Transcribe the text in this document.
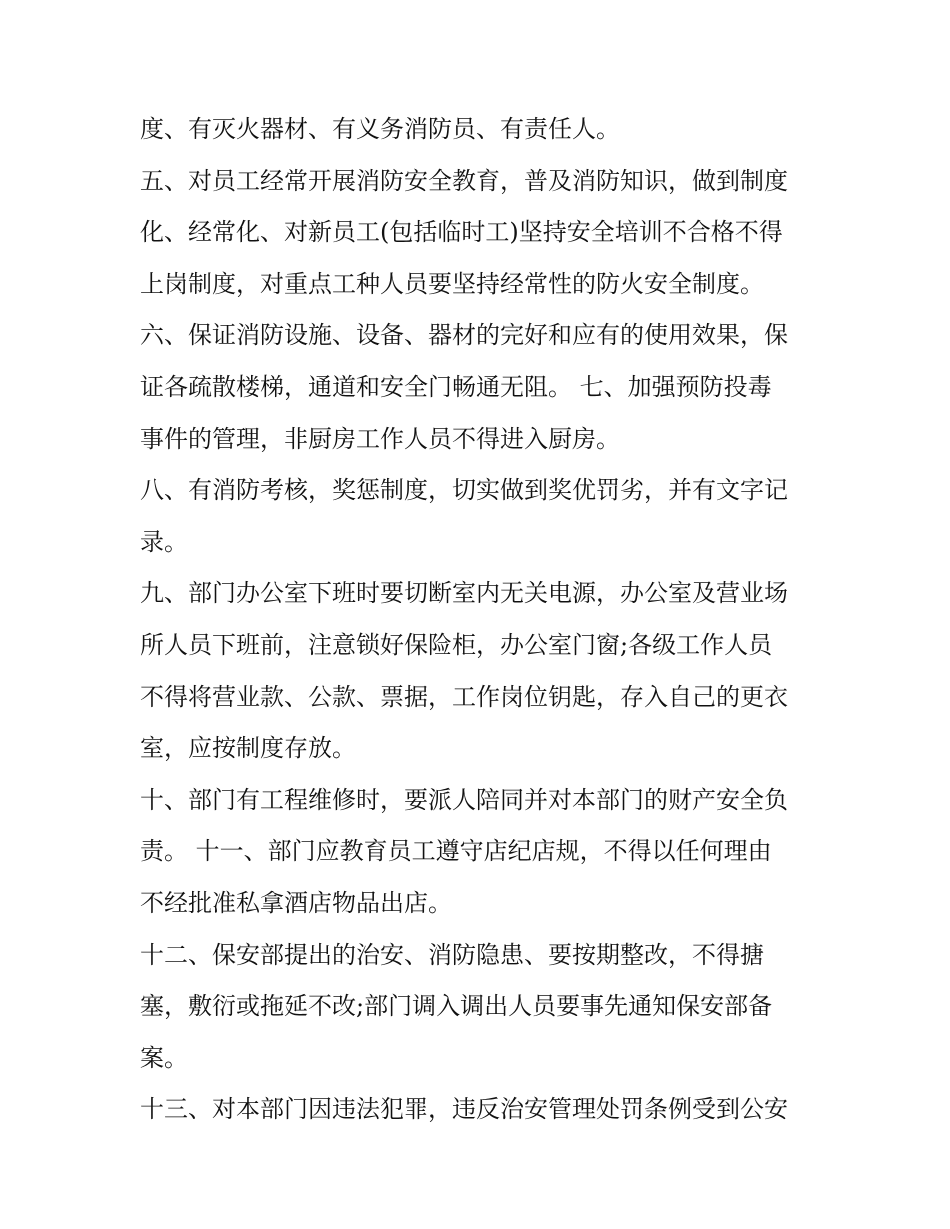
度、有灭火器材、有义务消防员、有责任人。
五、对员工经常开展消防安全教育，普及消防知识，做到制度
化、经常化、对新员工(包括临时工)坚持安全培训不合格不得
上岗制度，对重点工种人员要坚持经常性的防火安全制度。
六、保证消防设施、设备、器材的完好和应有的使用效果，保
证各疏散楼梯，通道和安全门畅通无阻。 七、加强预防投毒
事件的管理，非厨房工作人员不得进入厨房。
八、有消防考核，奖惩制度，切实做到奖优罚劣，并有文字记
录。
九、部门办公室下班时要切断室内无关电源，办公室及营业场
所人员下班前，注意锁好保险柜，办公室门窗;各级工作人员
不得将营业款、公款、票据，工作岗位钥匙，存入自己的更衣
室，应按制度存放。
十、部门有工程维修时，要派人陪同并对本部门的财产安全负
责。 十一、部门应教育员工遵守店纪店规，不得以任何理由
不经批准私拿酒店物品出店。
十二、保安部提出的治安、消防隐患、要按期整改，不得搪
塞，敷衍或拖延不改;部门调入调出人员要事先通知保安部备
案。
十三、对本部门因违法犯罪，违反治安管理处罚条例受到公安
